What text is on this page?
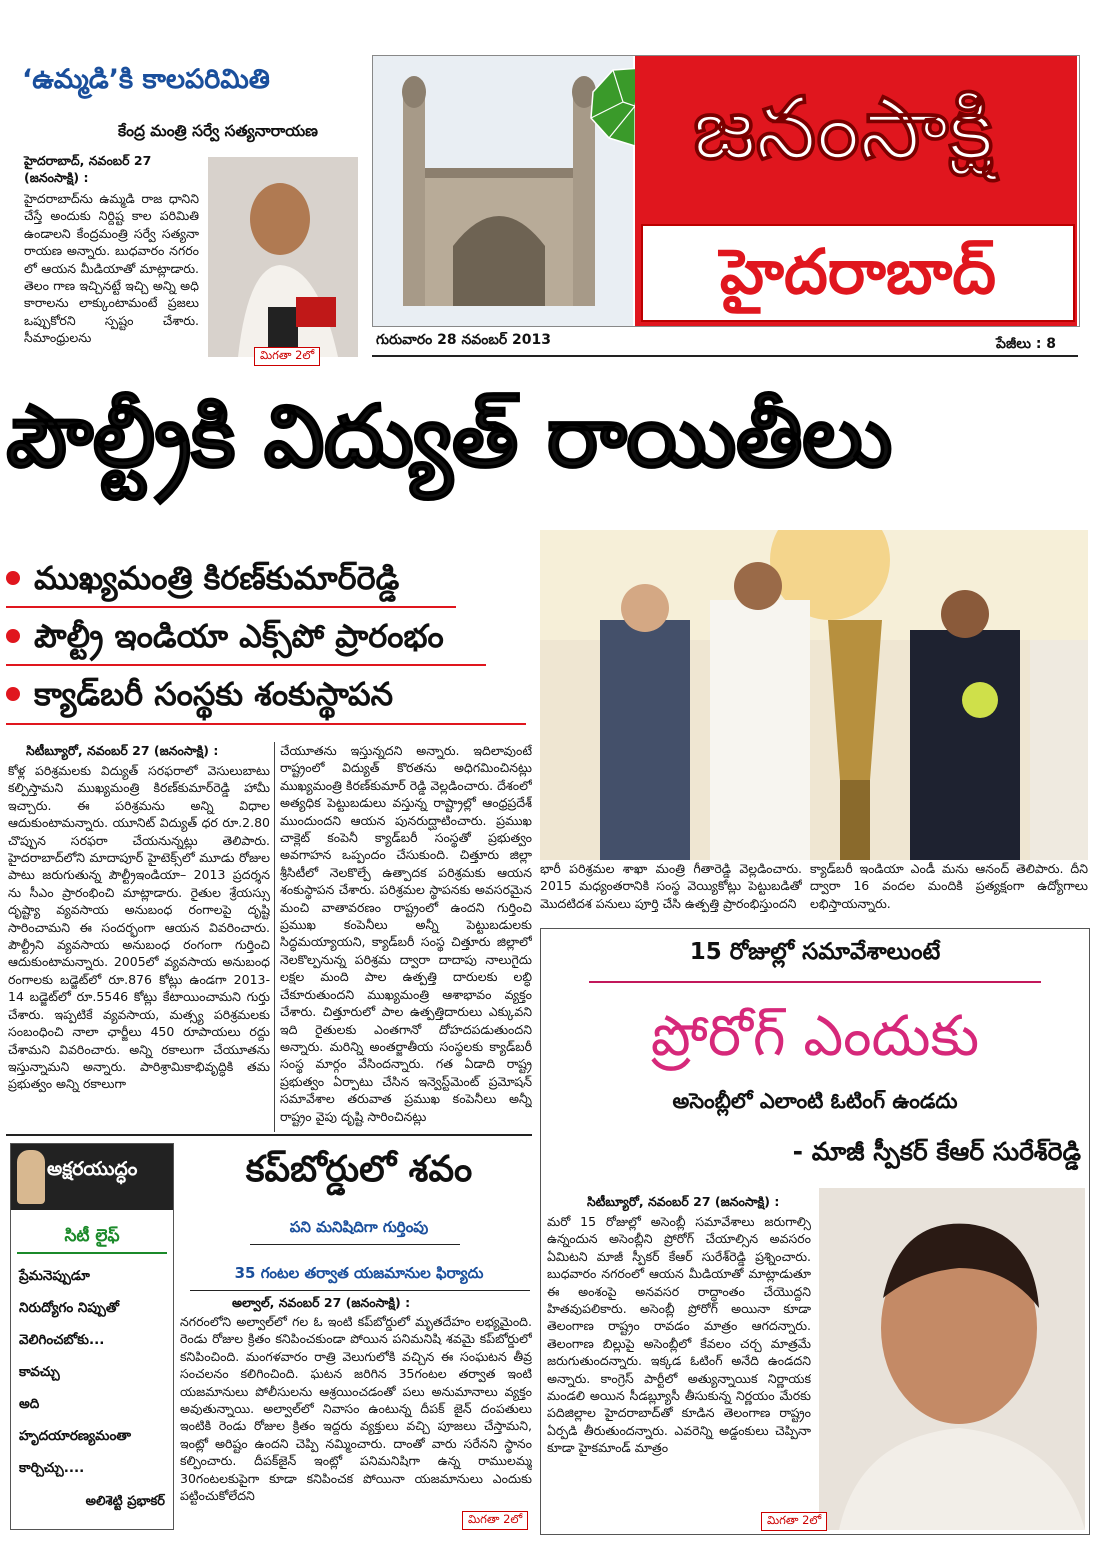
‘ఉమ్మడి’కి కాలపరిమితి
కేంద్ర మంత్రి సర్వే సత్యనారాయణ
హైదరాబాద్‌, నవంబర్‌ 27
(జనంసాక్షి) :

హైదరాబాద్‌ను ఉమ్మడి రాజ ధానిని చేస్తే అందుకు నిర్దిష్ట కాల పరిమితి ఉండాలని కేంద్రమంత్రి సర్వే సత్యనా రాయణ అన్నారు. బుధవారం నగరం లో ఆయన మీడియాతో మాట్లాడారు. తెలం గాణ ఇచ్చినట్టే ఇచ్చి అన్ని అధి కారాలను లాక్కుంటామంటే ప్రజలు ఒప్పుకోరని స్పష్టం చేశారు. సీమాంధ్రులను

మిగతా 2లో
జనంసాక్షి
హైదరాబాద్‌
గురువారం 28 నవంబర్‌ 2013	పేజీలు : 8
పౌల్ట్రీకి విద్యుత్‌ రాయితీలు
ముఖ్యమంత్రి కిరణ్‌కుమార్‌రెడ్డి
పౌల్ట్రీ ఇండియా ఎక్స్‌పో ప్రారంభం
క్యాడ్‌బరీ సంస్థకు శంకుస్థాపన
సిటీబ్యూరో, నవంబర్‌ 27 (జనంసాక్షి) :

కోళ్ల పరిశ్రమలకు విద్యుత్‌ సరఫరాలో వెసులుబాటు కల్పిస్తామని ముఖ్యమంత్రి కిరణ్‌కుమార్‌రెడ్డి హామీ ఇచ్చారు. ఈ పరిశ్రమను అన్ని విధాల ఆదుకుంటామన్నారు. యూనిట్‌ విద్యుత్‌ ధర రూ.2.80 చొప్పున సరఫరా చేయనున్నట్లు తెలిపారు. హైదరాబాద్‌లోని మాదాపూర్‌ హైటెక్స్‌లో మూడు రోజుల పాటు జరుగుతున్న పౌల్ట్రీఇండియా– 2013 ప్రదర్శన ను సీఎం ప్రారంభించి మాట్లాడారు. రైతుల శ్రేయస్సు దృష్ట్యా వ్యవసాయ అనుబంధ రంగాలపై దృష్టి సారించామని ఈ సందర్భంగా ఆయన వివరించారు. పౌల్ట్రీని వ్యవసాయ అనుబంధ రంగంగా గుర్తించి ఆదుకుంటామన్నారు. 2005లో వ్యవసాయ అనుబంధ రంగాలకు బడ్జెట్‌లో రూ.876 కోట్లు ఉండగా 2013-14 బడ్జెట్‌లో రూ.5546 కోట్లు కేటాయించామని గుర్తు చేశారు. ఇప్పటికే వ్యవసాయ, మత్స్య పరిశ్రమలకు సంబంధించి నాలా ఛార్జీలు 450 రూపాయలు రద్దు చేశామని వివరించారు. అన్ని రకాలుగా చేయూతను ఇస్తున్నామని అన్నారు. పారిశ్రామికాభివృద్ధికి తమ ప్రభుత్వం అన్ని రకాలుగా

చేయూతను ఇస్తున్నదని అన్నారు. ఇదిలావుంటే రాష్ట్రంలో విద్యుత్‌ కొరతను అధిగమించినట్లు ముఖ్యమంత్రి కిరణ్‌కుమార్‌ రెడ్డి వెల్లడించారు. దేశంలో అత్యధిక పెట్టుబడులు వస్తున్న రాష్ట్రాల్లో ఆంధ్రప్రదేశ్‌ ముందుందని ఆయన పునరుద్ఘాటించారు. ప్రముఖ చాక్లెట్‌ కంపెనీ క్యాడ్‌బరీ సంస్థతో ప్రభుత్వం అవగాహన ఒప్పందం చేసుకుంది. చిత్తూరు జిల్లా శ్రీసిటీలో నెలకొల్పే ఉత్పాదక పరిశ్రమకు ఆయన శంకుస్థాపన చేశారు. పరిశ్రమల స్థాపనకు అవసరమైన మంచి వాతావరణం రాష్ట్రంలో ఉందని గుర్తించి ప్రముఖ కంపెనీలు అన్నీ పెట్టుబడులకు సిద్ధమయ్యాయని, క్యాడ్‌బరీ సంస్థ చిత్తూరు జిల్లాలో నెలకొల్పనున్న పరిశ్రమ ద్వారా దాదాపు నాలుగైదు లక్షల మంది పాల ఉత్పత్తి దారులకు లబ్ధి చేకూరుతుందని ముఖ్యమంత్రి ఆశాభావం వ్యక్తం చేశారు. చిత్తూరులో పాల ఉత్పత్తిదారులు ఎక్కువని ఇది రైతులకు ఎంతగానో దోహదపడుతుందని అన్నారు. మరిన్ని అంతర్జాతీయ సంస్థలకు క్యాడ్‌బరీ సంస్థ మార్గం వేసిందన్నారు. గత ఏడాది రాష్ట్ర ప్రభుత్వం ఏర్పాటు చేసిన ఇన్వెస్ట్‌మెంట్‌ ప్రమోషన్‌ సమావేశాల తరువాత ప్రముఖ కంపెనీలు అన్నీ రాష్ట్రం వైపు దృష్టి సారించినట్లు

భారీ పరిశ్రమల శాఖా మంత్రి గీతారెడ్డి వెల్లడించారు. 2015 మధ్యంతరానికి సంస్థ వెయ్యికోట్లు పెట్టుబడితో మొదటిదశ పనులు పూర్తి చేసి ఉత్పత్తి ప్రారంభిస్తుందని

క్యాడ్‌బరీ ఇండియా ఎండీ మను ఆనంద్‌ తెలిపారు. దీని ద్వారా 16 వందల మందికి ప్రత్యక్షంగా ఉద్యోగాలు లభిస్తాయన్నారు.

అక్షరయుద్ధం
సిటీ లైఫ్‌
ప్రేమనెప్పుడూ
నిరుద్యోగం నిప్పుతో
వెలిగించబోకు...
కావచ్చు
అది
హృదయారణ్యమంతా
కార్చిచ్చు....
అలిశెట్టి ప్రభాకర్‌
కప్‌బోర్డులో శవం
పని మనిషిదిగా గుర్తింపు
35 గంటల తర్వాత యజమానుల ఫిర్యాదు
అల్వాల్‌, నవంబర్‌ 27 (జనంసాక్షి) :

నగరంలోని అల్వాల్‌లో గల ఓ ఇంటి కప్‌బోర్డులో మృతదేహం లభ్యమైంది. రెండు రోజుల క్రితం కనిపించకుండా పోయిన పనిమనిషి శవమై కప్‌బోర్డులో కనిపించింది. మంగళవారం రాత్రి వెలుగులోకి వచ్చిన ఈ సంఘటన తీవ్ర సంచలనం కలిగించింది. ఘటన జరిగిన 35గంటల తర్వాత ఇంటి యజమానులు పోలీసులను ఆశ్రయించడంతో పలు అనుమానాలు వ్యక్తం అవుతున్నాయి. అల్వాల్‌లో నివాసం ఉంటున్న దీపక్‌ జైన్‌ దంపతులు ఇంటికి రెండు రోజుల క్రితం ఇద్దరు వ్యక్తులు వచ్చి పూజలు చేస్తామని, ఇంట్లో అరిష్టం ఉందని చెప్పి నమ్మించారు. దాంతో వారు సరేనని స్థానం కల్పించారు. దీపక్‌జైన్‌ ఇంట్లో పనిమనిషిగా ఉన్న రాములమ్మ 30గంటలకుపైగా కూడా కనిపించక పోయినా యజమానులు ఎందుకు పట్టించుకోలేదని

మిగతా 2లో
15 రోజుల్లో సమావేశాలుంటే
ప్రోరోగ్‌ ఎందుకు
అసెంబ్లీలో ఎలాంటి ఓటింగ్‌ ఉండదు
- మాజీ స్పీకర్‌ కేఆర్‌ సురేశ్‌రెడ్డి
సిటీబ్యూరో, నవంబర్‌ 27 (జనంసాక్షి) :

మరో 15 రోజుల్లో అసెంబ్లీ సమావేశాలు జరుగాల్సి ఉన్నందున అసెంబ్లీని ప్రోరోగ్‌ చేయాల్సిన అవసరం ఏమిటని మాజీ స్పీకర్‌ కేఆర్‌ సురేశ్‌రెడ్డి ప్రశ్నించారు. బుధవారం నగరంలో ఆయన మీడియాతో మాట్లాడుతూ ఈ అంశంపై అనవసర రాద్ధాంతం చేయొద్దని హితవుపలికారు. అసెంబ్లీ ప్రోరోగ్‌ అయినా కూడా తెలంగాణ రాష్ట్రం రావడం మాత్రం ఆగదన్నారు. తెలంగాణ బిల్లుపై అసెంబ్లీలో కేవలం చర్చ మాత్రమే జరుగుతుందన్నారు. ఇక్కడ ఓటింగ్‌ అనేది ఉండదని అన్నారు. కాంగ్రెస్‌ పార్టీలో అత్యున్నాయిక నిర్ణాయక మండలి అయిన సీడబ్ల్యూసీ తీసుకున్న నిర్ణయం మేరకు పదిజిల్లాల హైదరాబాద్‌తో కూడిన తెలంగాణ రాష్ట్రం ఏర్పడి తీరుతుందన్నారు. ఎవరెన్ని అడ్డంకులు చెప్పినా కూడా హైకమాండ్‌ మాత్రం

మిగతా 2లో
